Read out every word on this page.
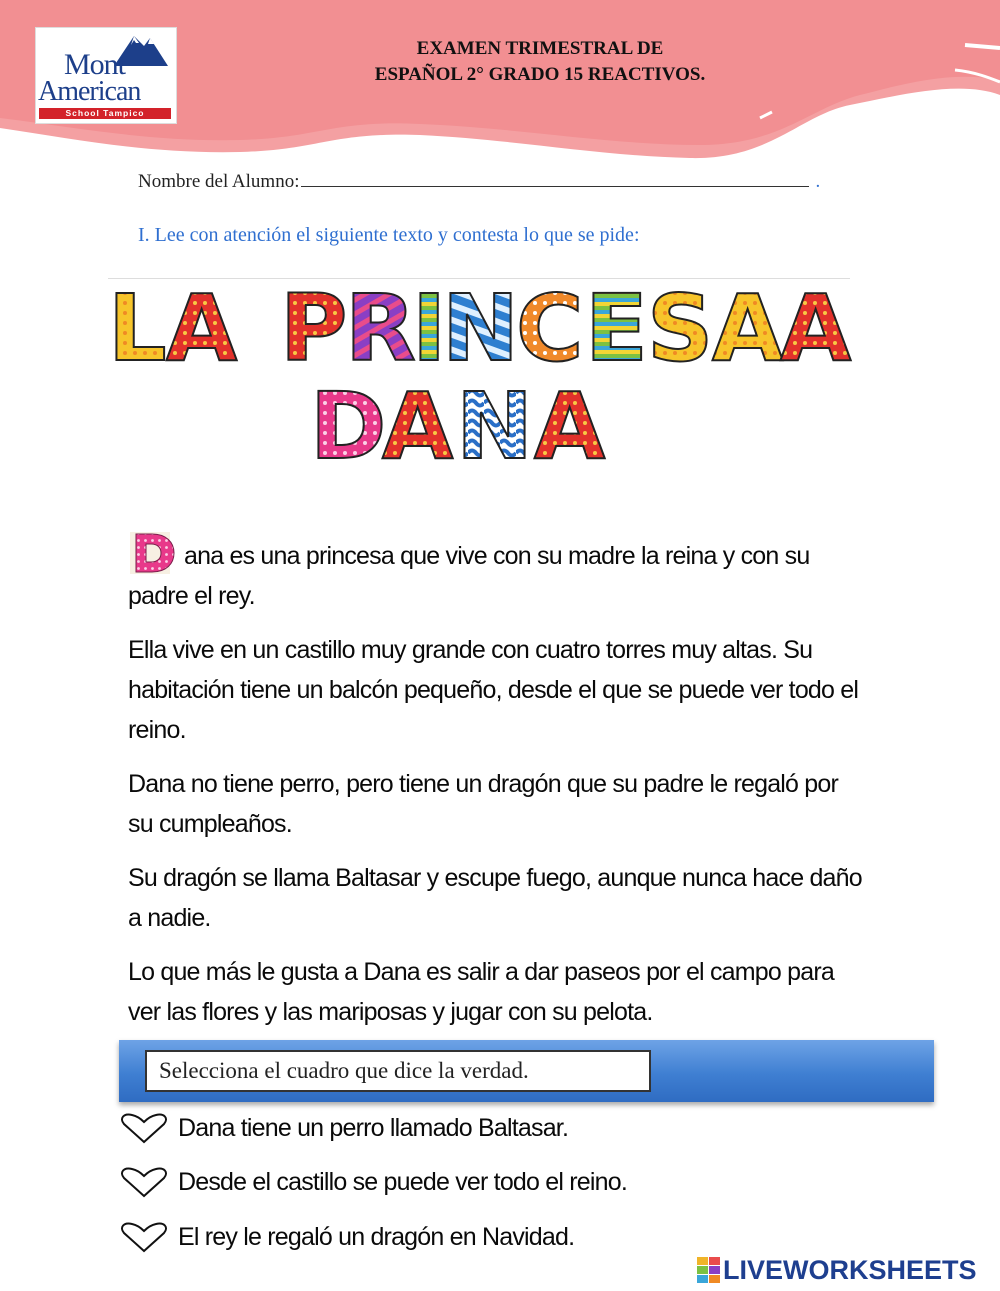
Mont
American
School Tampico
EXAMEN TRIMESTRAL DE
ESPAÑOL 2° GRADO 15 REACTIVOS.
Nombre del Alumno:	.
I. Lee con atención el siguiente texto y contesta lo que se pide:
L A P
R
I
N
C E S
A
A
D
A N A

ana es una princesa que vive con su madre la reina y con su padre el rey.

Ella vive en un castillo muy grande con cuatro torres muy altas. Su habitación tiene un balcón pequeño, desde el que se puede ver todo el reino.

Dana no tiene perro, pero tiene un dragón que su padre le regaló por su cumpleaños.

Su dragón se llama Baltasar y escupe fuego, aunque nunca hace daño a nadie.

Lo que más le gusta a Dana es salir a dar paseos por el campo para ver las flores y las mariposas y jugar con su pelota.

Selecciona el cuadro que dice la verdad.
Dana tiene un perro llamado Baltasar.
Desde el castillo se puede ver todo el reino.
El rey le regaló un dragón en Navidad.
LIVEWORKSHEETS
